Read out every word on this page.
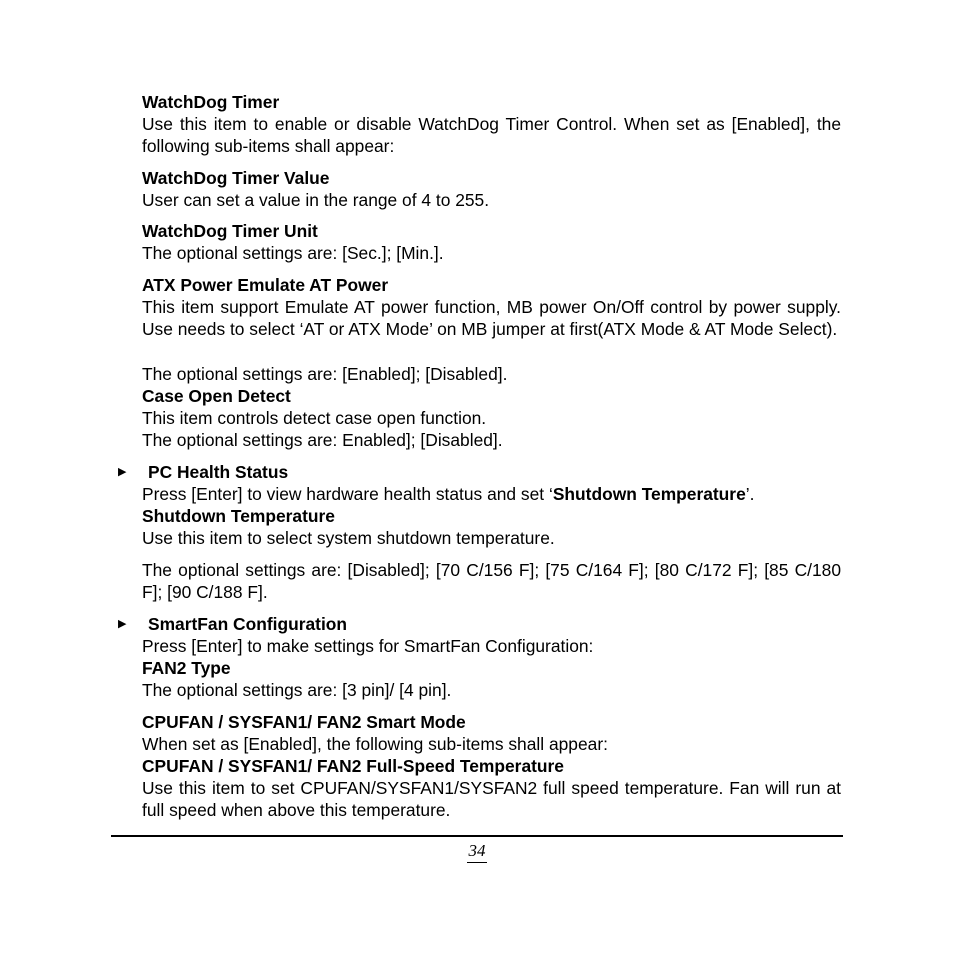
WatchDog Timer
Use this item to enable or disable WatchDog Timer Control. When set as [Enabled], the following sub-items shall appear:
WatchDog Timer Value
User can set a value in the range of 4 to 255.
WatchDog Timer Unit
The optional settings are: [Sec.]; [Min.].
ATX Power Emulate AT Power
This item support Emulate AT power function, MB power On/Off control by power supply. Use needs to select ‘AT or ATX Mode’ on MB jumper at first(ATX Mode & AT Mode Select).
The optional settings are: [Enabled]; [Disabled].
Case Open Detect
This item controls detect case open function.
The optional settings are: Enabled]; [Disabled].
▶ PC Health Status
Press [Enter] to view hardware health status and set ‘Shutdown Temperature’.
Shutdown Temperature
Use this item to select system shutdown temperature.
The optional settings are: [Disabled]; [70 C/156 F]; [75 C/164 F]; [80 C/172 F]; [85 C/180 F]; [90 C/188 F].
▶ SmartFan Configuration
Press [Enter] to make settings for SmartFan Configuration:
FAN2 Type
The optional settings are: [3 pin]/ [4 pin].
CPUFAN / SYSFAN1/ FAN2 Smart Mode
When set as [Enabled], the following sub-items shall appear:
CPUFAN / SYSFAN1/ FAN2 Full-Speed Temperature
Use this item to set CPUFAN/SYSFAN1/SYSFAN2 full speed temperature. Fan will run at full speed when above this temperature.
34
